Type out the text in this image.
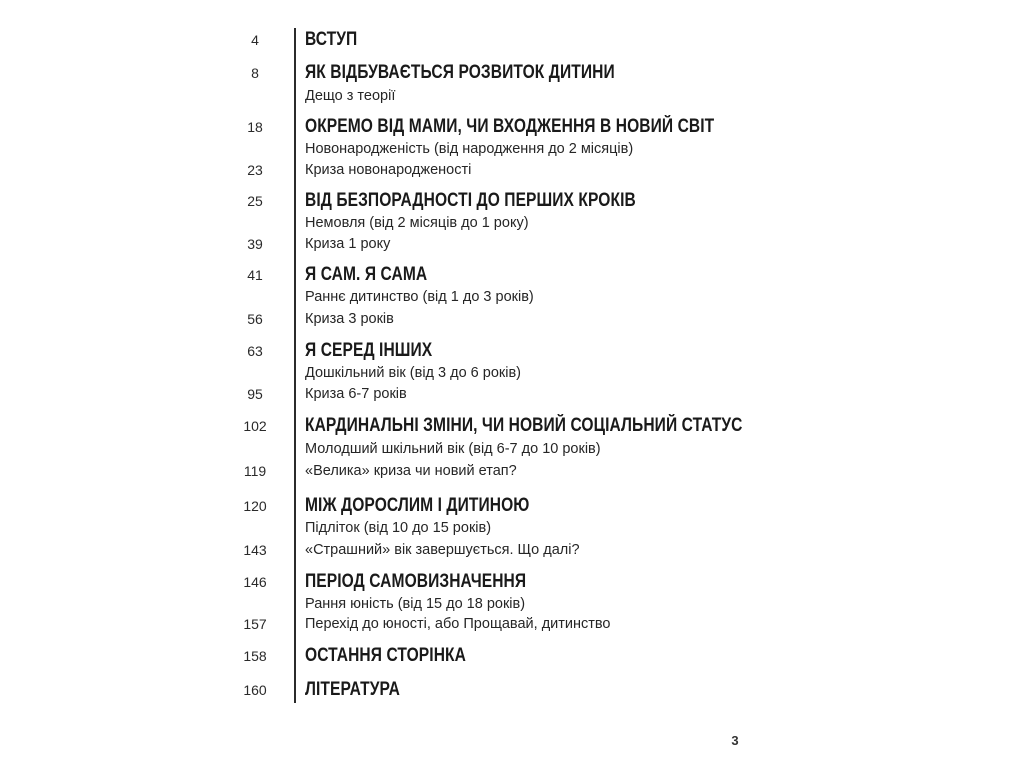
4	ВСТУП
8	ЯК ВІДБУВАЄТЬСЯ РОЗВИТОК ДИТИНИ
Дещо з теорії
18	ОКРЕМО ВІД МАМИ, ЧИ ВХОДЖЕННЯ В НОВИЙ СВІТ
Новонародженість (від народження до 2 місяців)
23	Криза новонародженості
25	ВІД БЕЗПОРАДНОСТІ ДО ПЕРШИХ КРОКІВ
Немовля (від 2 місяців до 1 року)
39	Криза 1 року
41	Я САМ. Я САМА
Раннє дитинство (від 1 до 3 років)
56	Криза 3 років
63	Я СЕРЕД ІНШИХ
Дошкільний вік (від 3 до 6 років)
95	Криза 6-7 років
102	КАРДИНАЛЬНІ ЗМІНИ, ЧИ НОВИЙ СОЦІАЛЬНИЙ СТАТУС
Молодший шкільний вік (від 6-7 до 10 років)
119	«Велика» криза чи новий етап?
120	МІЖ ДОРОСЛИМ І ДИТИНОЮ
Підліток (від 10 до 15 років)
143	«Страшний» вік завершується. Що далі?
146	ПЕРІОД САМОВИЗНАЧЕННЯ
Рання юність (від 15 до 18 років)
157	Перехід до юності, або Прощавай, дитинство
158	ОСТАННЯ СТОРІНКА
160	ЛІТЕРАТУРА
3
